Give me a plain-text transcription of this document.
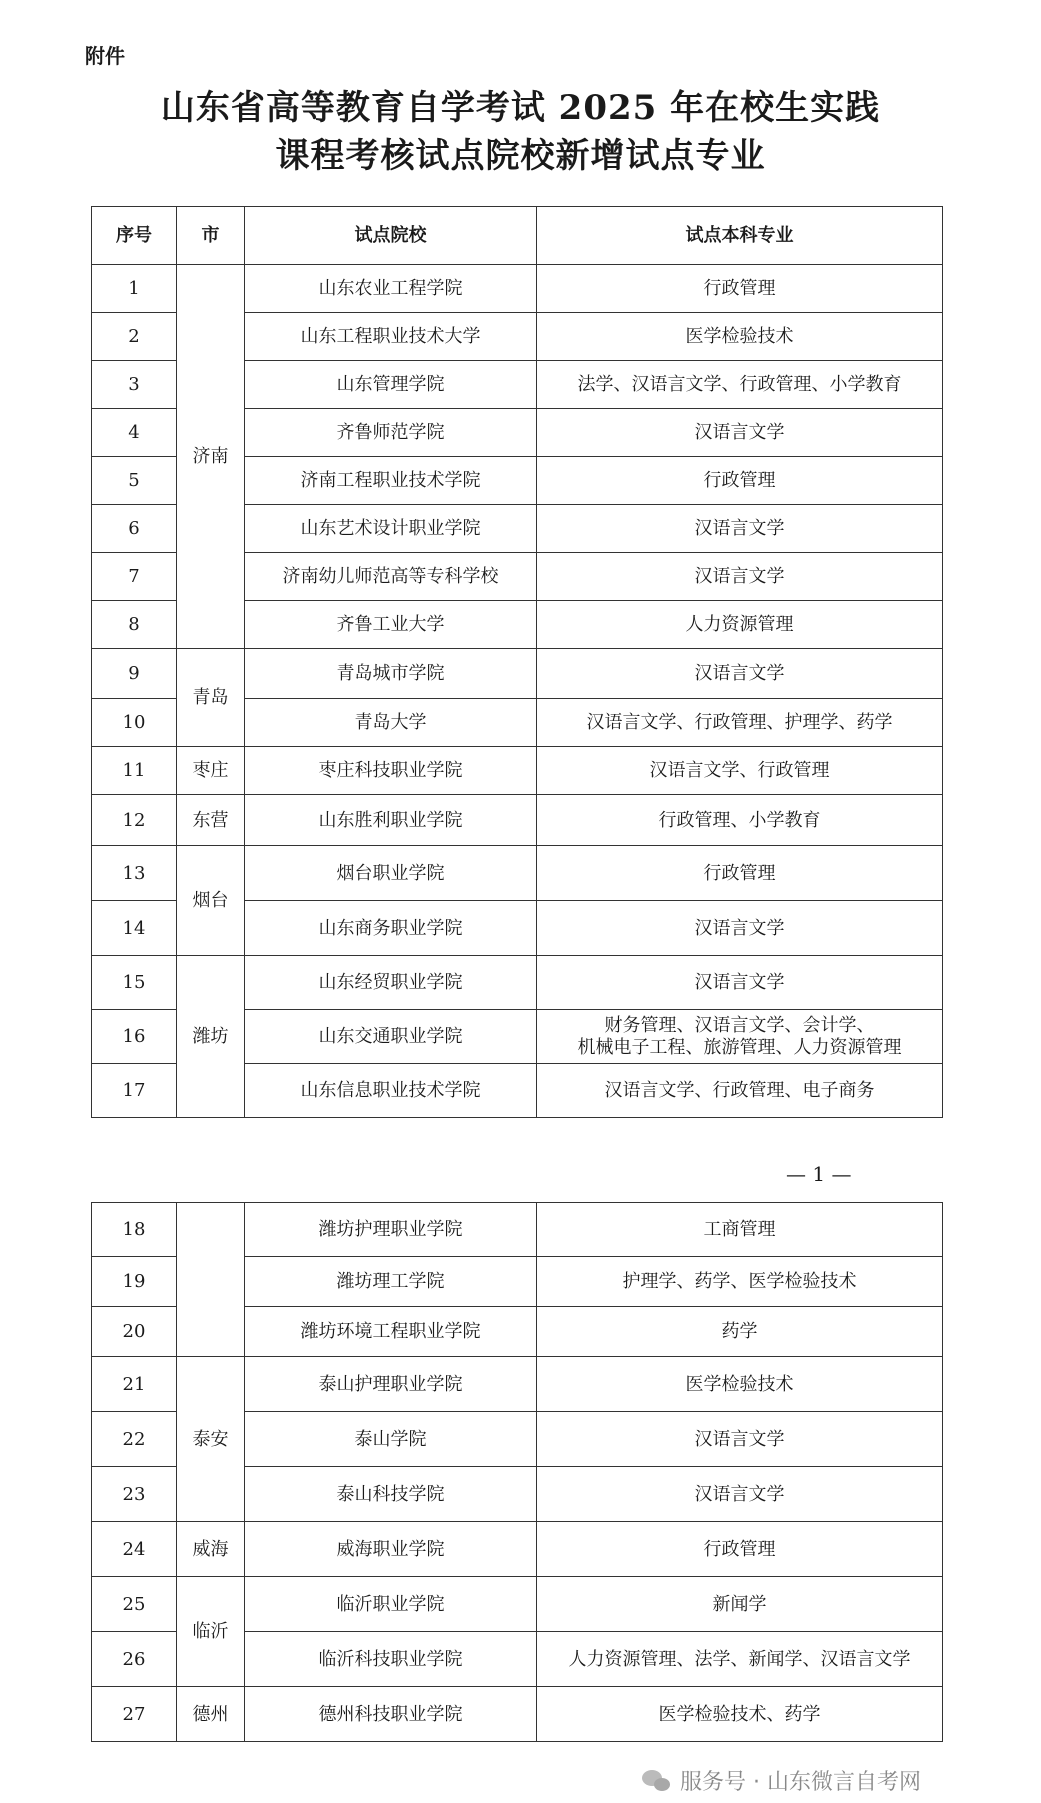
附件
山东省高等教育自学考试 2025 年在校生实践
课程考核试点院校新增试点专业
序号	市	试点院校	试点本科专业
1	济南	山东农业工程学院	行政管理
2		山东工程职业技术大学	医学检验技术
3		山东管理学院	法学、汉语言文学、行政管理、小学教育
4		齐鲁师范学院	汉语言文学
5		济南工程职业技术学院	行政管理
6		山东艺术设计职业学院	汉语言文学
7		济南幼儿师范高等专科学校	汉语言文学
8		齐鲁工业大学	人力资源管理
9	青岛	青岛城市学院	汉语言文学
10		青岛大学	汉语言文学、行政管理、护理学、药学
11	枣庄	枣庄科技职业学院	汉语言文学、行政管理
12	东营	山东胜利职业学院	行政管理、小学教育
13	烟台	烟台职业学院	行政管理
14		山东商务职业学院	汉语言文学
15	潍坊	山东经贸职业学院	汉语言文学
16		山东交通职业学院	财务管理、汉语言文学、会计学、
机械电子工程、旅游管理、人力资源管理
17		山东信息职业技术学院	汉语言文学、行政管理、电子商务
— 1 —
18		潍坊护理职业学院	工商管理
19		潍坊理工学院	护理学、药学、医学检验技术
20		潍坊环境工程职业学院	药学
21	泰安	泰山护理职业学院	医学检验技术
22		泰山学院	汉语言文学
23		泰山科技学院	汉语言文学
24	威海	威海职业学院	行政管理
25	临沂	临沂职业学院	新闻学
26		临沂科技职业学院	人力资源管理、法学、新闻学、汉语言文学
27	德州	德州科技职业学院	医学检验技术、药学
服务号 · 山东微言自考网
